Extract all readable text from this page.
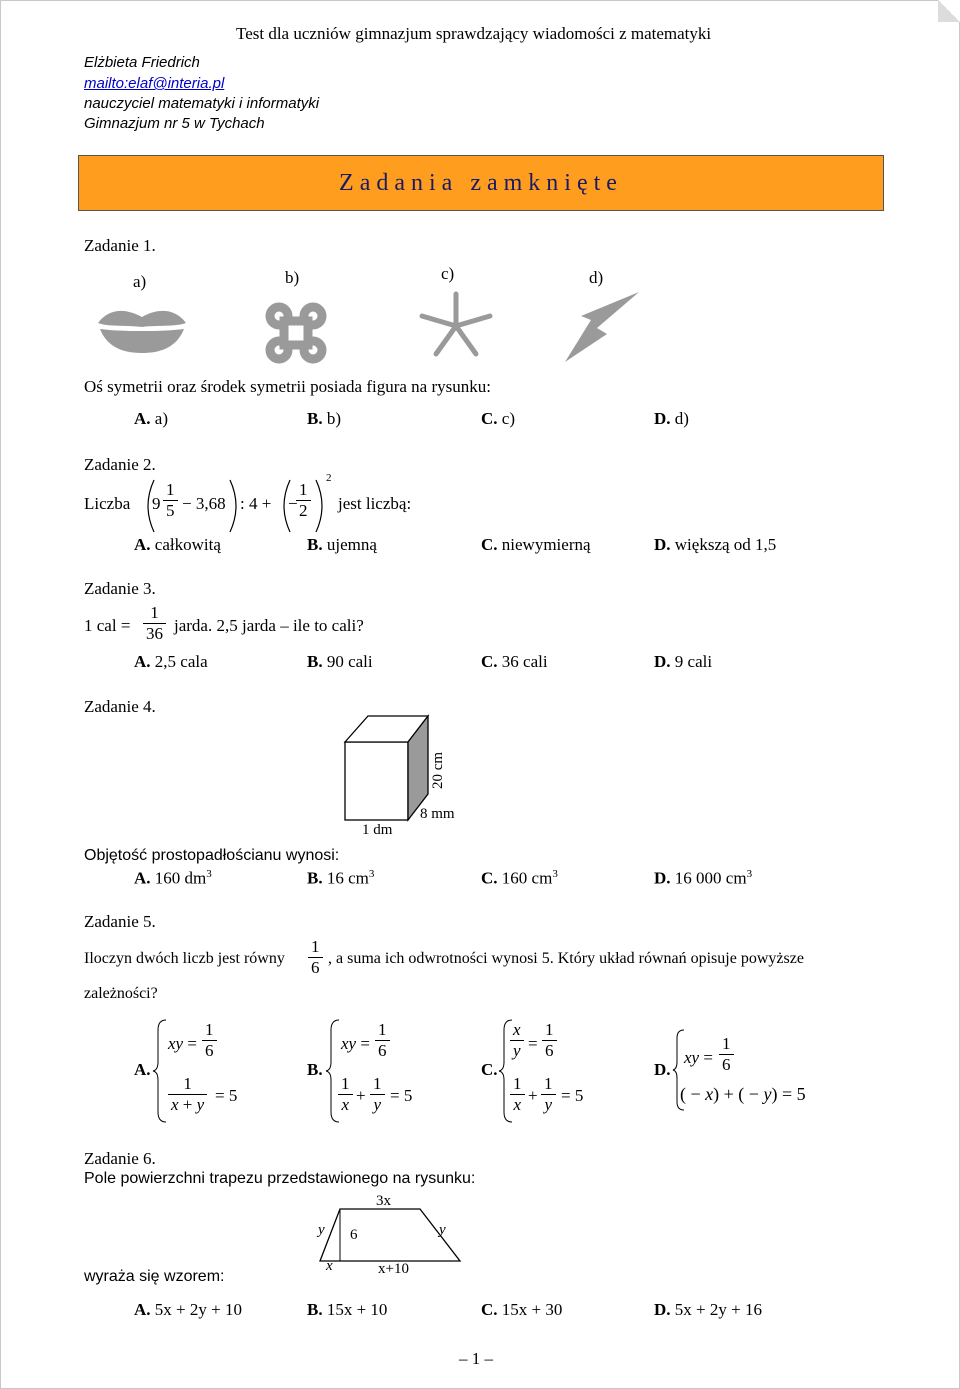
Test dla uczniów gimnazjum sprawdzający wiadomości z matematyki
Elżbieta Friedrich
mailto:elaf@interia.pl
nauczyciel matematyki i informatyki
Gimnazjum nr 5 w Tychach
Zadania zamknięte
Zadanie 1.
a)	b)	c)	d)
Oś symetrii oraz środek symetrii posiada figura na rysunku:
A. a)	B. b)	C. c)	D. d)
Zadanie 2.
Liczba $9 \frac{1}{5} - 3,68$ : 4 + −
$\frac{1}{2}$
2
jest liczbą:
A. całkowitą	B. ujemną	C. niewymierną	D. większą od 1,5
Zadanie 3.
1 cal = $\frac{1}{36}$ jarda. 2,5 jarda – ile to cali?
A. 2,5 cala	B. 90 cali	C. 36 cali	D. 9 cali
Zadanie 4.
20 cm
8 mm
1 dm
Objętość prostopadłościanu wynosi:
A. 160 $dm^3$	B. 16 $cm^3$	C. 160 $cm^3$	D. 16 000 $cm^3$
Zadanie 5.
Iloczyn dwóch liczb jest równy $\frac{1}{6}$ , a suma ich odwrotności wynosi 5. Który układ równań opisuje powyższe
zależności?
A.
xy = $\frac{1}{6}$
$\frac{1}{x + y} = 5$
B.
xy = $\frac{1}{6}$
$\frac{1}{x} + \frac{1}{y} = 5$
C.
$\frac{x}{y} = \frac{1}{6}$
$\frac{1}{x} + \frac{1}{y} = 5$
D.
xy = $\frac{1}{6}$
( − x) + ( − y) = 5
Zadanie 6.
Pole powierzchni trapezu przedstawionego na rysunku:
3x
y 6	y
x	x+10
wyraża się wzorem:
A. 5x + 2y + 10	B. 15x + 10	C. 15x + 30	D. 5x + 2y + 16
– 1 –
